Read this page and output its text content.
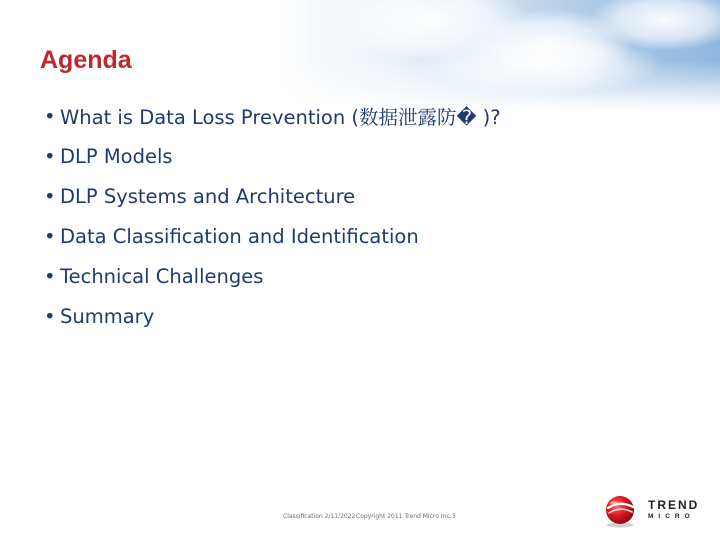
Agenda
• What is Data Loss Prevention (数据泄露防� )?
• DLP Models
• DLP Systems and Architecture
• Data Classification and Identification
• Technical Challenges
• Summary
Classification 2/11/2022 Copyright 2011 Trend Micro Inc. 3
TREND
MICRO
